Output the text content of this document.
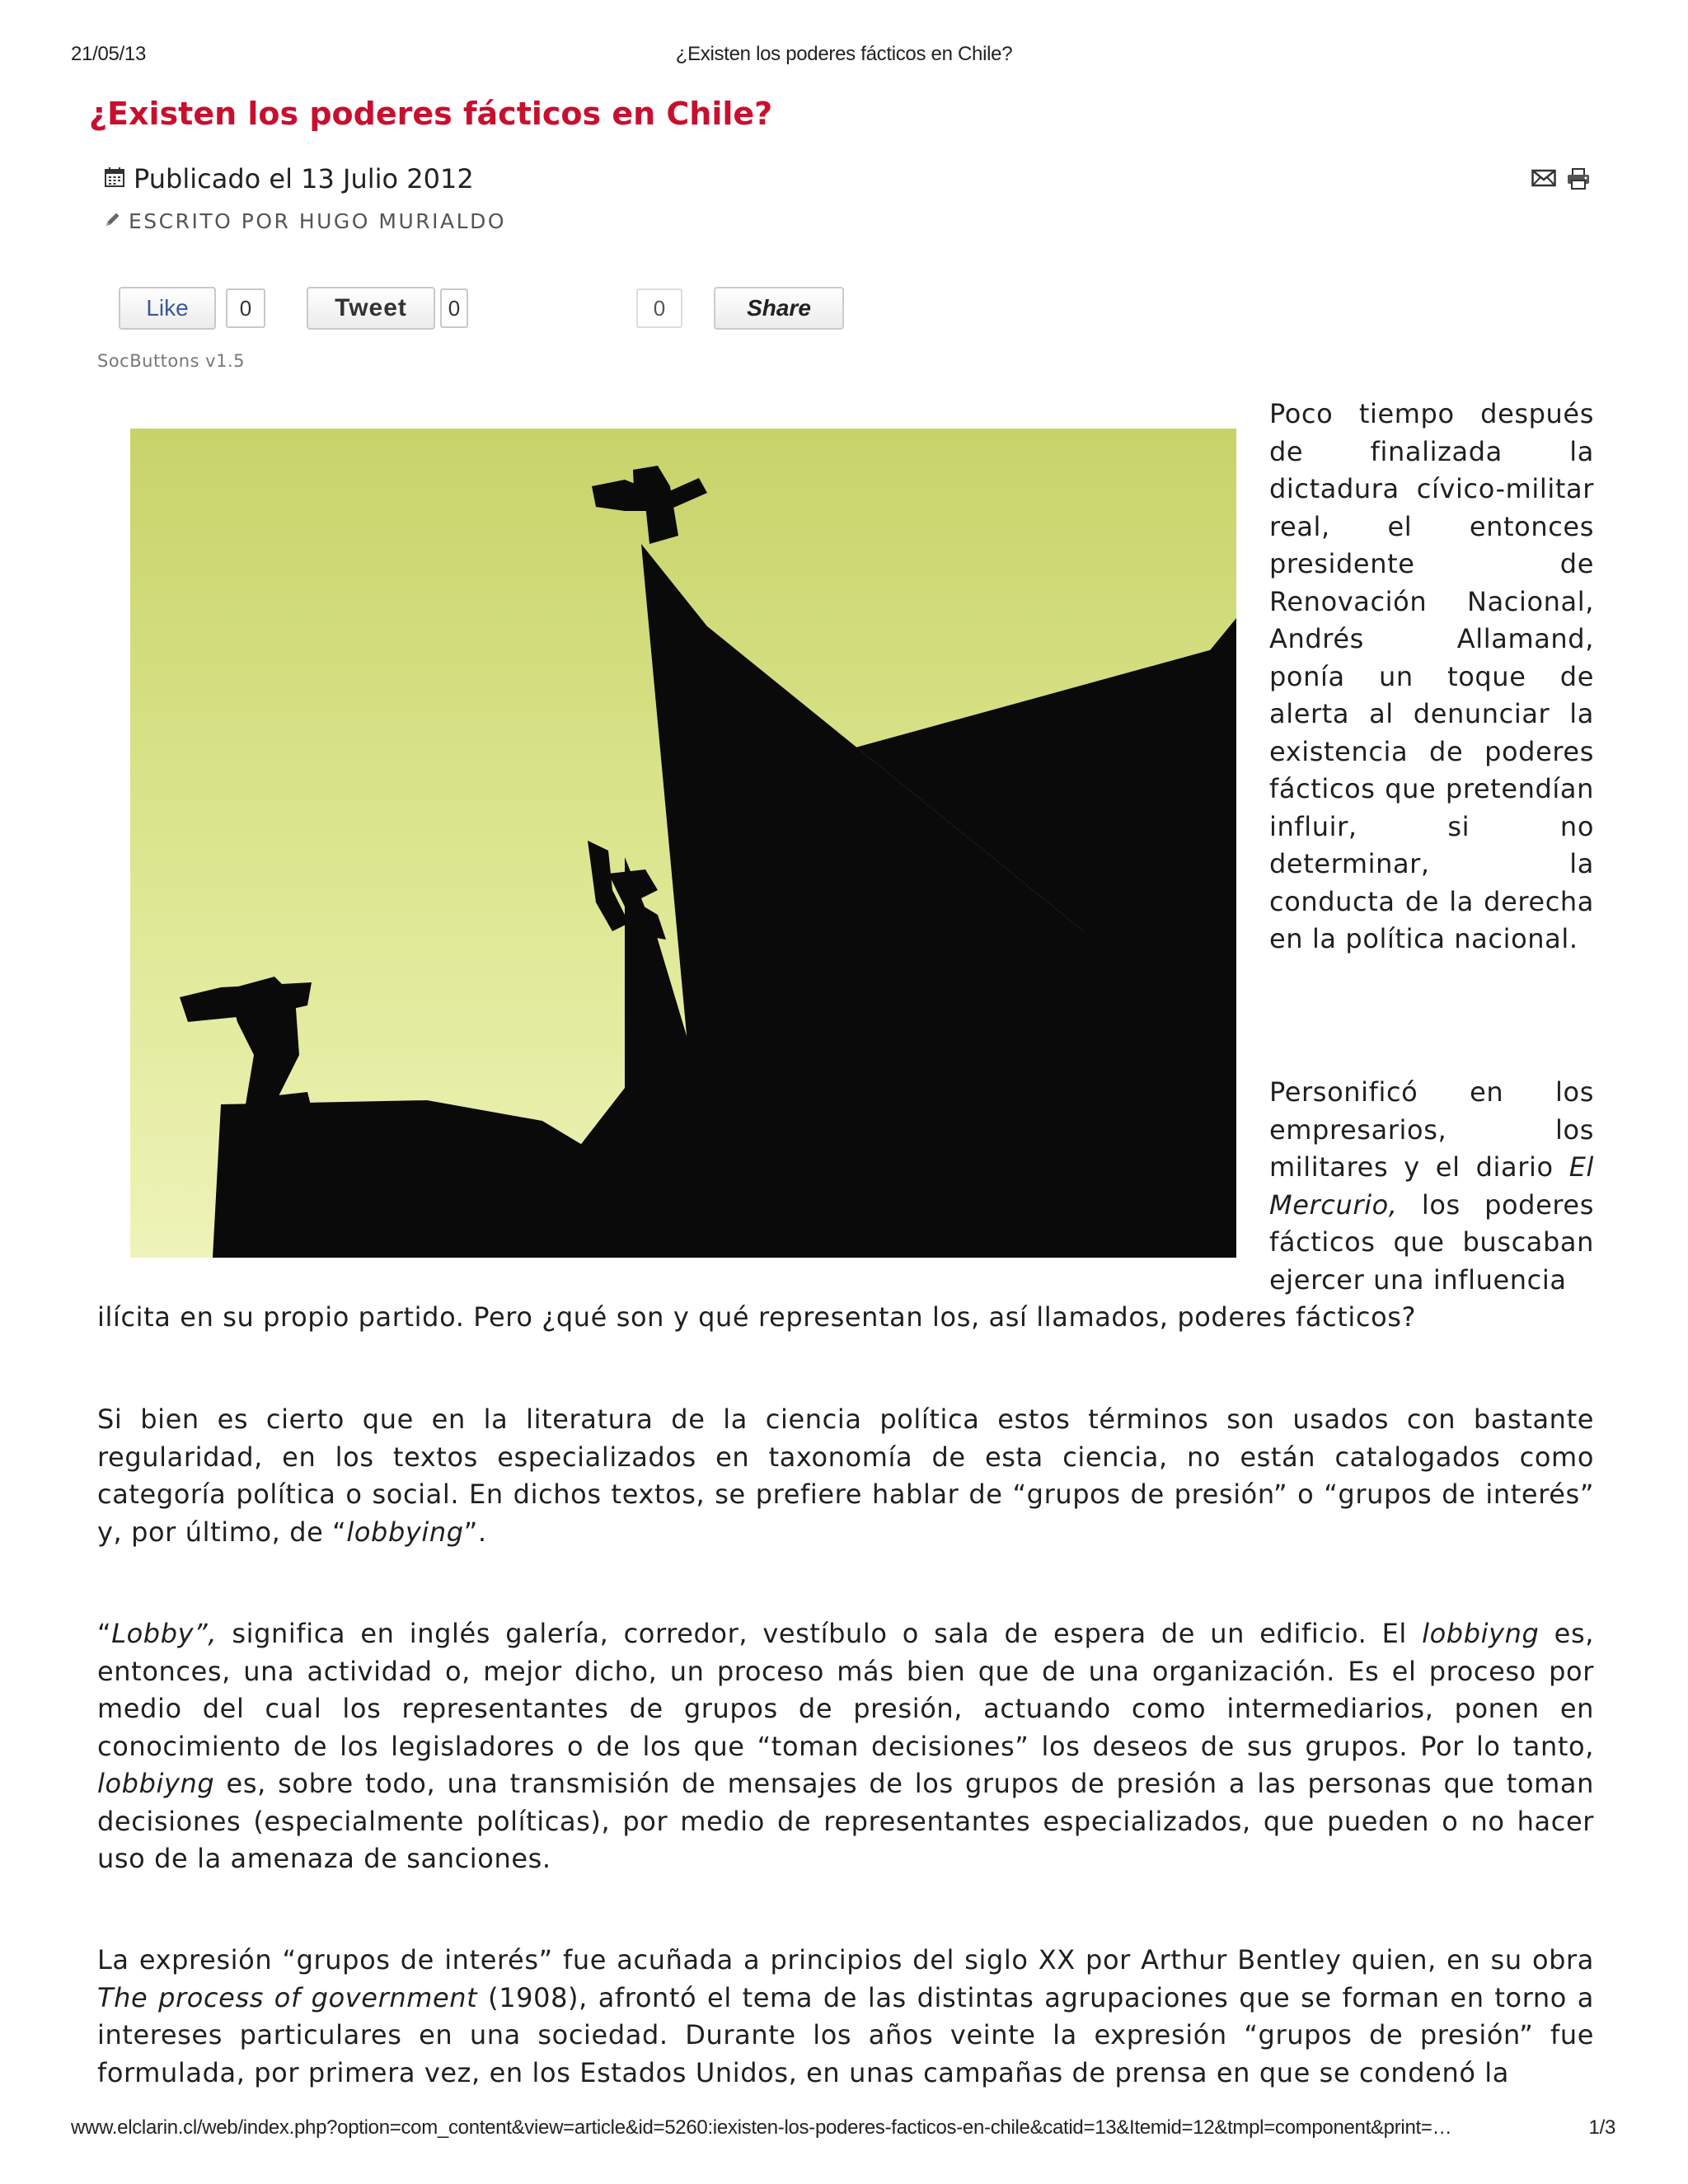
21/05/13	¿Existen los poderes fácticos en Chile?
¿Existen los poderes fácticos en Chile?
Publicado el 13 Julio 2012
ESCRITO POR HUGO MURIALDO
Like	0	Tweet	0	0	Share
SocButtons v1.5

Poco tiempo después de finalizada la dictadura cívico-militar real, el entonces presidente de Renovación Nacional, Andrés Allamand, ponía un toque de alerta al denunciar la existencia de poderes fácticos que pretendían influir, si no determinar, la conducta de la derecha en la política nacional.

Personificó en los empresarios, los militares y el diario El Mercurio, los poderes fácticos que buscaban ejercer una influencia

ilícita en su propio partido. Pero ¿qué son y qué representan los, así llamados, poderes fácticos?

Si bien es cierto que en la literatura de la ciencia política estos términos son usados con bastante regularidad, en los textos especializados en taxonomía de esta ciencia, no están catalogados como categoría política o social. En dichos textos, se prefiere hablar de “grupos de presión” o “grupos de interés” y, por último, de “lobbying”.

“Lobby”, significa en inglés galería, corredor, vestíbulo o sala de espera de un edificio. El lobbiyng es, entonces, una actividad o, mejor dicho, un proceso más bien que de una organización. Es el proceso por medio del cual los representantes de grupos de presión, actuando como intermediarios, ponen en conocimiento de los legisladores o de los que “toman decisiones” los deseos de sus grupos. Por lo tanto, lobbiyng es, sobre todo, una transmisión de mensajes de los grupos de presión a las personas que toman decisiones (especialmente políticas), por medio de representantes especializados, que pueden o no hacer uso de la amenaza de sanciones.

La expresión “grupos de interés” fue acuñada a principios del siglo XX por Arthur Bentley quien, en su obra The process of government (1908), afrontó el tema de las distintas agrupaciones que se forman en torno a intereses particulares en una sociedad. Durante los años veinte la expresión “grupos de presión” fue formulada, por primera vez, en los Estados Unidos, en unas campañas de prensa en que se condenó la

www.elclarin.cl/web/index.php?option=com_content&view=article&id=5260:iexisten-los-poderes-facticos-en-chile&catid=13&Itemid=12&tmpl=component&print=…	1/3
